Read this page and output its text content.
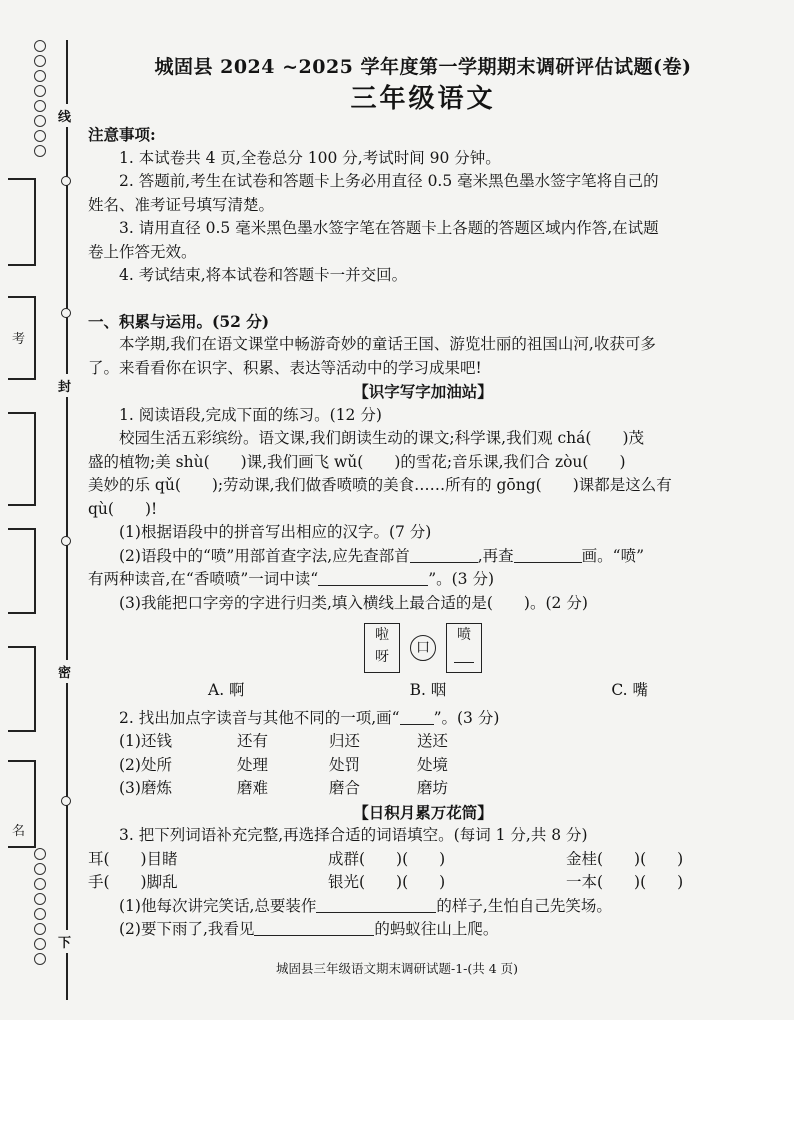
线
封
密
下
考
名
城固县 2024 ~2025 学年度第一学期期末调研评估试题(卷)
三年级语文

注意事项:

1. 本试卷共 4 页,全卷总分 100 分,考试时间 90 分钟。

2. 答题前,考生在试卷和答题卡上务必用直径 0.5 毫米黑色墨水签字笔将自己的

姓名、准考证号填写清楚。

3. 请用直径 0.5 毫米黑色墨水签字笔在答题卡上各题的答题区域内作答,在试题

卷上作答无效。

4. 考试结束,将本试卷和答题卡一并交回。

一、积累与运用。(52 分)

本学期,我们在语文课堂中畅游奇妙的童话王国、游览壮丽的祖国山河,收获可多

了。来看看你在识字、积累、表达等活动中的学习成果吧!

【识字写字加油站】

1. 阅读语段,完成下面的练习。(12 分)

校园生活五彩缤纷。语文课,我们朗读生动的课文;科学课,我们观 chá(　　)茂

盛的植物;美 shù(　　)课,我们画飞 wǔ(　　)的雪花;音乐课,我们合 zòu(　　)

美妙的乐 qǔ(　　);劳动课,我们做香喷喷的美食……所有的 gōng(　　)课都是这么有

qù(　　)!

(1)根据语段中的拼音写出相应的汉字。(7 分)

(2)语段中的“喷”用部首查字法,应先查部首	,再查	画。“喷”

有两种读音,在“香喷喷”一词中读“	”。(3 分)

(3)我能把口字旁的字进行归类,填入横线上最合适的是(　　)。(2 分)

啦
呀
口
喷
A. 啊	B. 咽	C. 嘴

2. 找出加点字读音与其他不同的一项,画“ ”。(3 分)

(1)还钱	还有	归还	送还
(2)处所	处理	处罚	处境
(3)磨炼	磨难	磨合	磨坊

【日积月累万花筒】

3. 把下列词语补充完整,再选择合适的词语填空。(每词 1 分,共 8 分)

耳(　　)目睹	成群(　　)(　　)	金桂(　　)(　　)
手(　　)脚乱	银光(　　)(　　)	一本(　　)(　　)

(1)他每次讲完笑话,总要装作	的样子,生怕自己先笑场。

(2)要下雨了,我看见	的蚂蚁往山上爬。

城固县三年级语文期末调研试题-1-(共 4 页)
